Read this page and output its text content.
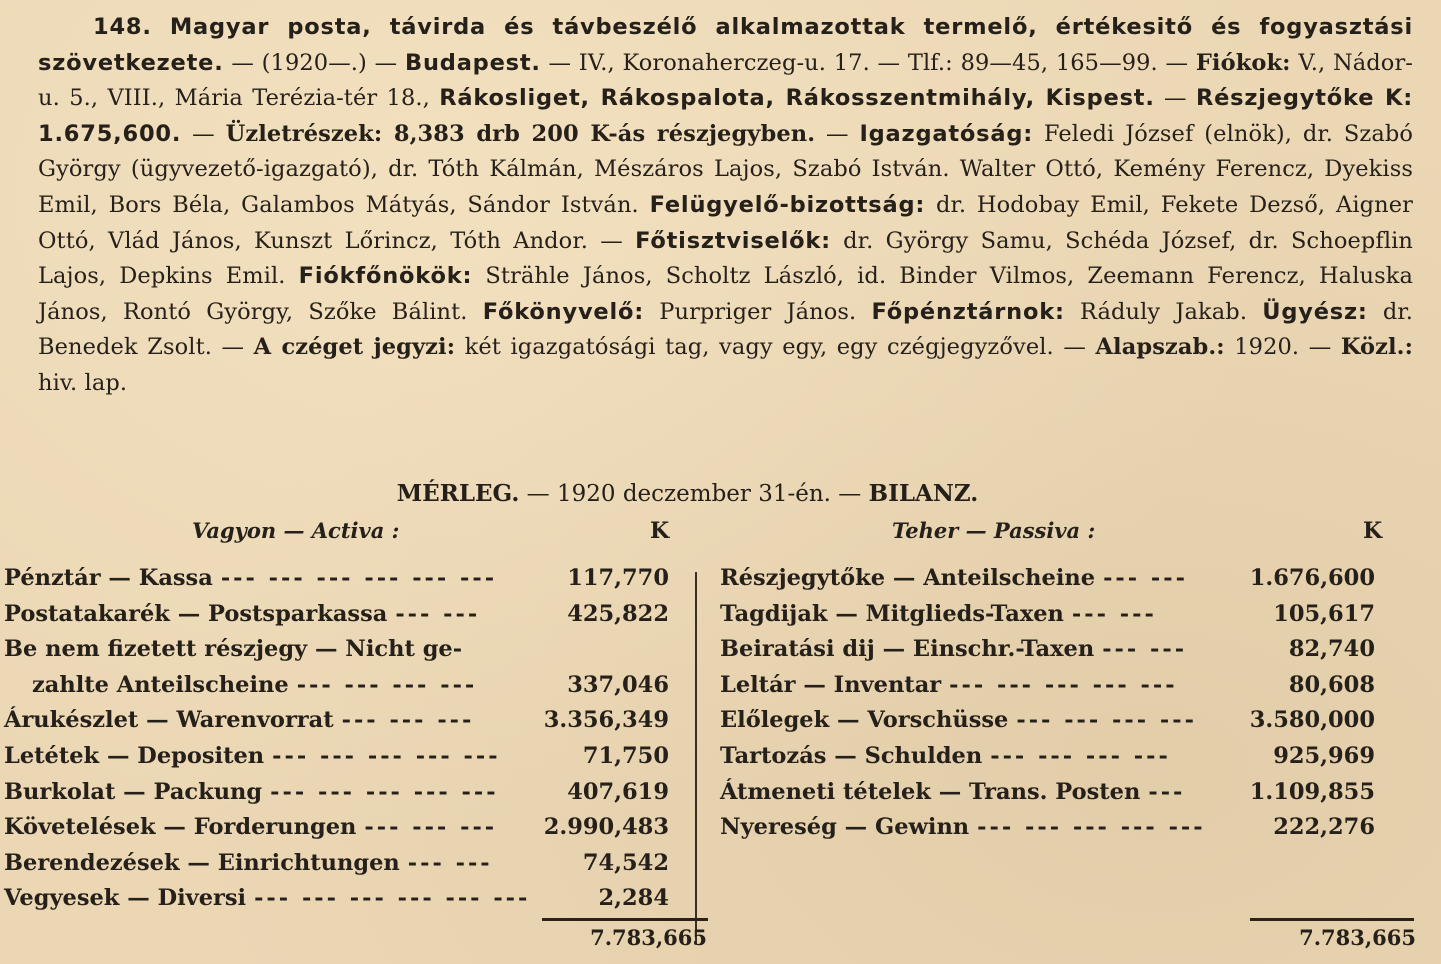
148. Magyar posta, távirda és távbeszélő alkalmazottak termelő, értékesitő és fogyasztási szövetkezete. — (1920—.) — Budapest. — IV., Koronaherczeg-u. 17. — Tlf.: 89—45, 165—99. — Fiókok: V., Nádor-u. 5., VIII., Mária Terézia-tér 18., Rákosliget, Rákospalota, Rákosszentmihály, Kispest. — Részjegytőke K: 1.675,600. — Üzletrészek: 8,383 drb 200 K-ás részjegyben. — Igazgatóság: Feledi József (elnök), dr. Szabó György (ügyvezető-igazgató), dr. Tóth Kálmán, Mészáros Lajos, Szabó István. Walter Ottó, Kemény Ferencz, Dyekiss Emil, Bors Béla, Galambos Mátyás, Sándor István. Felügyelő-bizottság: dr. Hodobay Emil, Fekete Dezső, Aigner Ottó, Vlád János, Kunszt Lőrincz, Tóth Andor. — Főtisztviselők: dr. György Samu, Schéda József, dr. Schoepflin Lajos, Depkins Emil. Fiókfőnökök: Strähle János, Scholtz László, id. Binder Vilmos, Zeemann Ferencz, Haluska János, Rontó György, Szőke Bálint. Főkönyvelő: Purpriger János. Főpénztárnok: Ráduly Jakab. Ügyész: dr. Benedek Zsolt. — A czéget jegyzi: két igazgatósági tag, vagy egy, egy czégjegyzővel. — Alapszab.: 1920. — Közl.: hiv. lap.

MÉRLEG. — 1920 deczember 31-én. — BILANZ.
Vagyon — Activa :	K	Teher — Passiva :	K
Pénztár — Kassa --- --- --- --- --- ---	117,770
Postatakarék — Postsparkassa --- ---	425,822
Be nem fizetett részjegy — Nicht ge-
zahlte Anteilscheine --- --- --- ---	337,046
Árukészlet — Warenvorrat --- --- ---	3.356,349
Letétek — Depositen --- --- --- --- ---	71,750
Burkolat — Packung --- --- --- --- ---	407,619
Követelések — Forderungen --- --- --- 2.990,483
Berendezések — Einrichtungen --- ---	74,542
Vegyesek — Diversi --- --- --- --- --- ---	2,284
Részjegytőke — Anteilscheine --- ---	1.676,600
Tagdijak — Mitglieds-Taxen --- ---	105,617
Beiratási dij — Einschr.-Taxen --- ---	82,740
Leltár — Inventar --- --- --- --- ---	80,608
Előlegek — Vorschüsse --- --- --- --- 3.580,000
Tartozás — Schulden --- --- --- ---	925,969
Átmeneti tételek — Trans. Posten ---	1.109,855
Nyereség — Gewinn --- --- --- --- ---	222,276
7.783,665	7.783,665
